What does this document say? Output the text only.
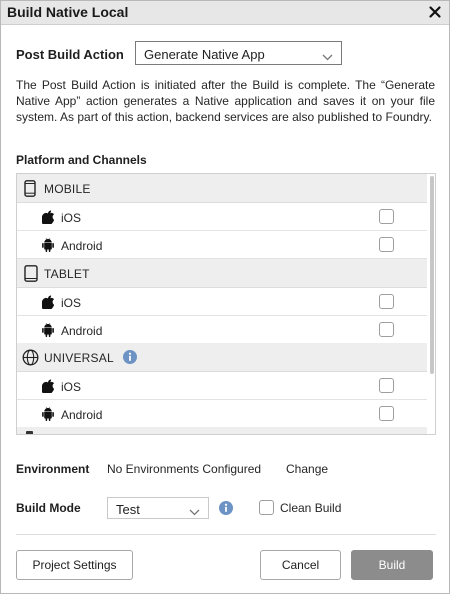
Build Native Local
Post Build Action Generate Native App

The Post Build Action is initiated after the Build is complete. The “Generate Native App” action generates a Native application and saves it on your file system. As part of this action, backend services are also published to Foundry.

Platform and Channels
MOBILE
iOS
Android
TABLET
iOS
Android
UNIVERSAL
iOS
Android
Environment No Environments Configured Change
Build Mode	Test	Clean Build
Project Settings	Cancel	Build
